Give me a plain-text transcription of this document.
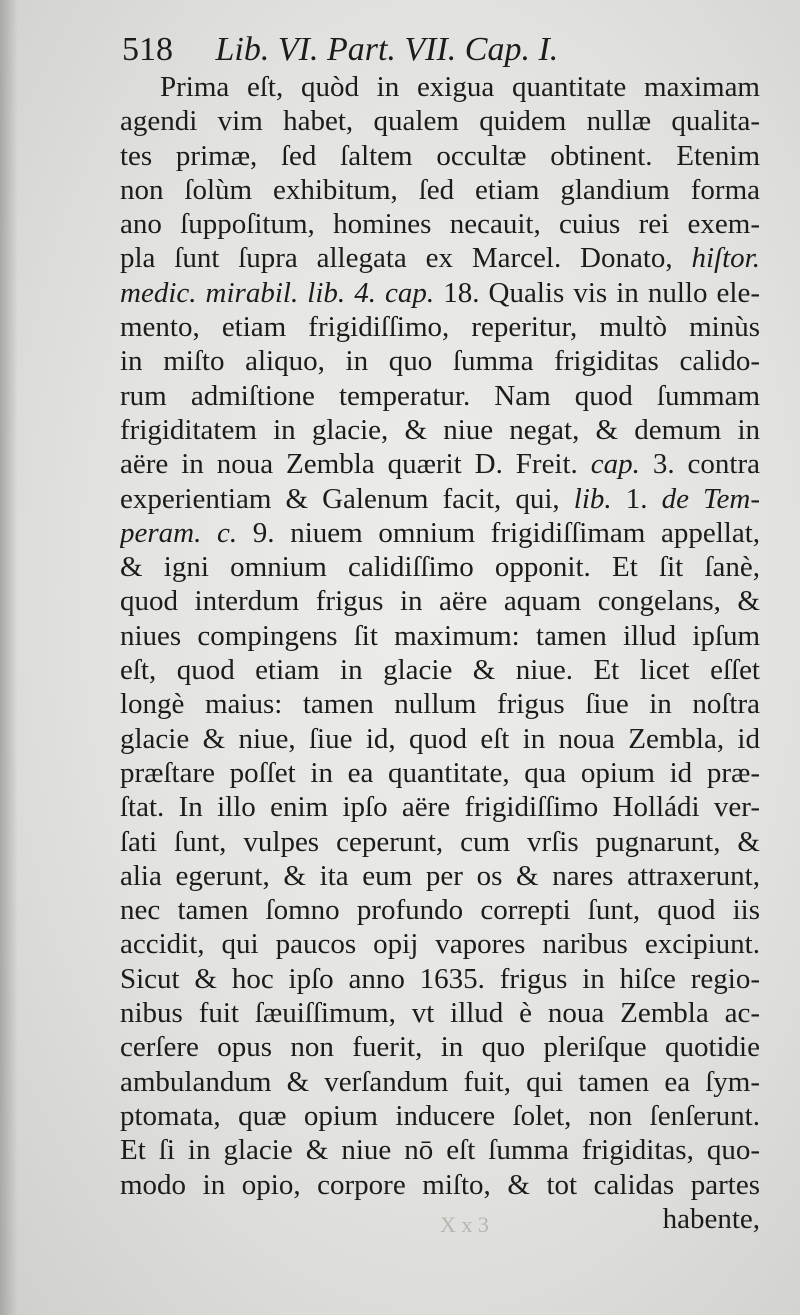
518 Lib. VI. Part. VII. Cap. I.
Prima eſt, quòd in exigua quantitate maximam
agendi vim habet, qualem quidem nullæ qualita-
tes primæ, ſed ſaltem occultæ obtinent. Etenim
non ſolùm exhibitum, ſed etiam glandium forma
ano ſuppoſitum, homines necauit, cuius rei exem-
pla ſunt ſupra allegata ex Marcel. Donato, hiſtor.
medic. mirabil. lib. 4. cap. 18. Qualis vis in nullo ele-
mento, etiam frigidiſſimo, reperitur, multò minùs
in miſto aliquo, in quo ſumma frigiditas calido-
rum admiſtione temperatur. Nam quod ſummam
frigiditatem in glacie, & niue negat, & demum in
aëre in noua Zembla quærit D. Freit. cap. 3. contra
experientiam & Galenum facit, qui, lib. 1. de Tem-
peram. c. 9. niuem omnium frigidiſſimam appellat,
& igni omnium calidiſſimo opponit. Et ſit ſanè,
quod interdum frigus in aëre aquam congelans, &
niues compingens ſit maximum: tamen illud ipſum
eſt, quod etiam in glacie & niue. Et licet eſſet
longè maius: tamen nullum frigus ſiue in noſtra
glacie & niue, ſiue id, quod eſt in noua Zembla, id
præſtare poſſet in ea quantitate, qua opium id præ-
ſtat. In illo enim ipſo aëre frigidiſſimo Holládi ver-
ſati ſunt, vulpes ceperunt, cum vrſis pugnarunt, &
alia egerunt, & ita eum per os & nares attraxerunt,
nec tamen ſomno profundo correpti ſunt, quod iis
accidit, qui paucos opij vapores naribus excipiunt.
Sicut & hoc ipſo anno 1635. frigus in hiſce regio-
nibus fuit ſæuiſſimum, vt illud è noua Zembla ac-
cerſere opus non fuerit, in quo pleriſque quotidie
ambulandum & verſandum fuit, qui tamen ea ſym-
ptomata, quæ opium inducere ſolet, non ſenſerunt.
Et ſi in glacie & niue nō eſt ſumma frigiditas, quo-
modo in opio, corpore miſto, & tot calidas partes
habente,
X x 3
